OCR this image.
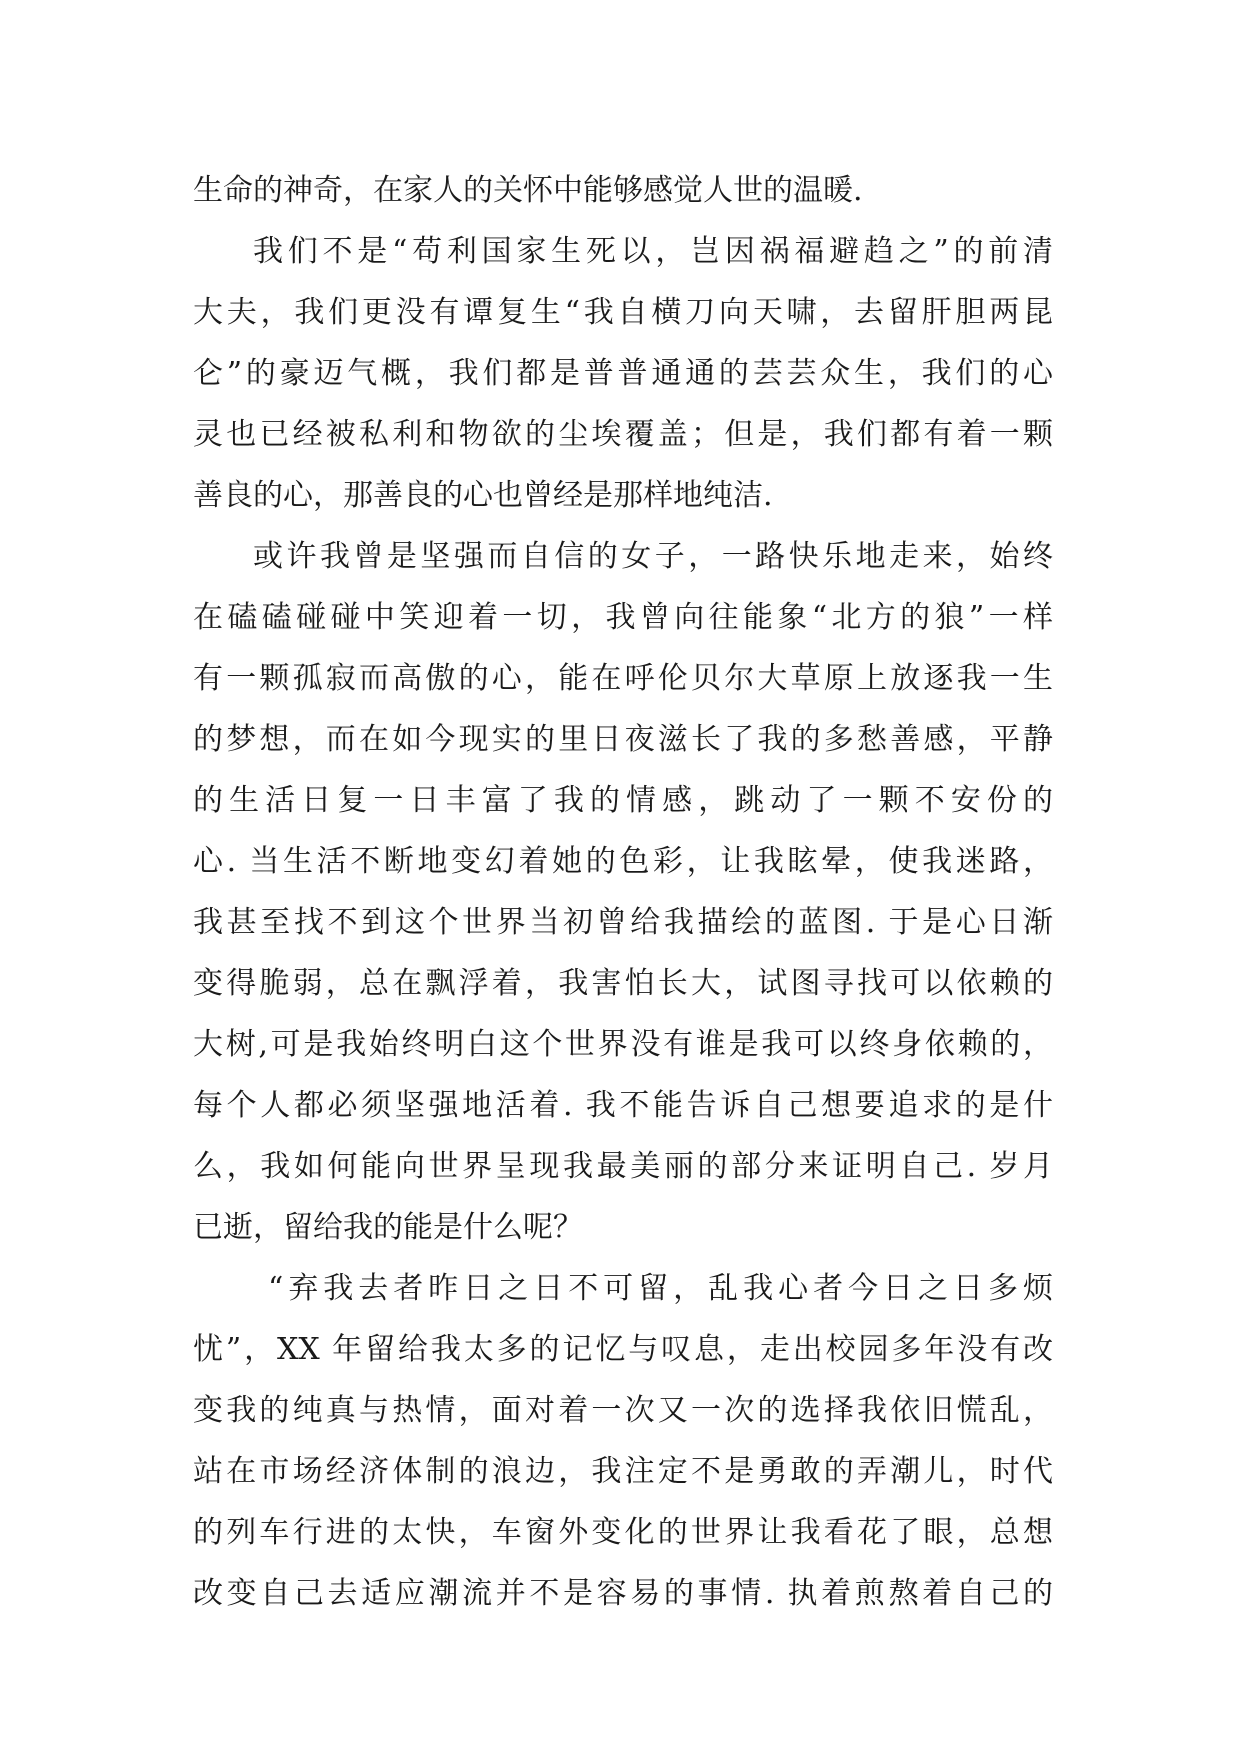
生命的神奇，在家人的关怀中能够感觉人世的温暖.
我们不是“苟利国家生死以，岂因祸福避趋之”的前清
大夫，我们更没有谭复生“我自横刀向天啸，去留肝胆两昆
仑”的豪迈气概，我们都是普普通通的芸芸众生，我们的心
灵也已经被私利和物欲的尘埃覆盖；但是，我们都有着一颗
善良的心，那善良的心也曾经是那样地纯洁.
或许我曾是坚强而自信的女子，一路快乐地走来，始终
在磕磕碰碰中笑迎着一切，我曾向往能象“北方的狼”一样
有一颗孤寂而高傲的心，能在呼伦贝尔大草原上放逐我一生
的梦想，而在如今现实的里日夜滋长了我的多愁善感，平静
的生活日复一日丰富了我的情感，跳动了一颗不安份的
心. 当生活不断地变幻着她的色彩，让我眩晕，使我迷路，
我甚至找不到这个世界当初曾给我描绘的蓝图. 于是心日渐
变得脆弱，总在飘浮着，我害怕长大，试图寻找可以依赖的
大树,可是我始终明白这个世界没有谁是我可以终身依赖的，
每个人都必须坚强地活着. 我不能告诉自己想要追求的是什
么，我如何能向世界呈现我最美丽的部分来证明自己. 岁月
已逝，留给我的能是什么呢？
“弃我去者昨日之日不可留，乱我心者今日之日多烦
忧”，XX 年留给我太多的记忆与叹息，走出校园多年没有改
变我的纯真与热情，面对着一次又一次的选择我依旧慌乱，
站在市场经济体制的浪边，我注定不是勇敢的弄潮儿，时代
的列车行进的太快，车窗外变化的世界让我看花了眼，总想
改变自己去适应潮流并不是容易的事情. 执着煎熬着自己的
